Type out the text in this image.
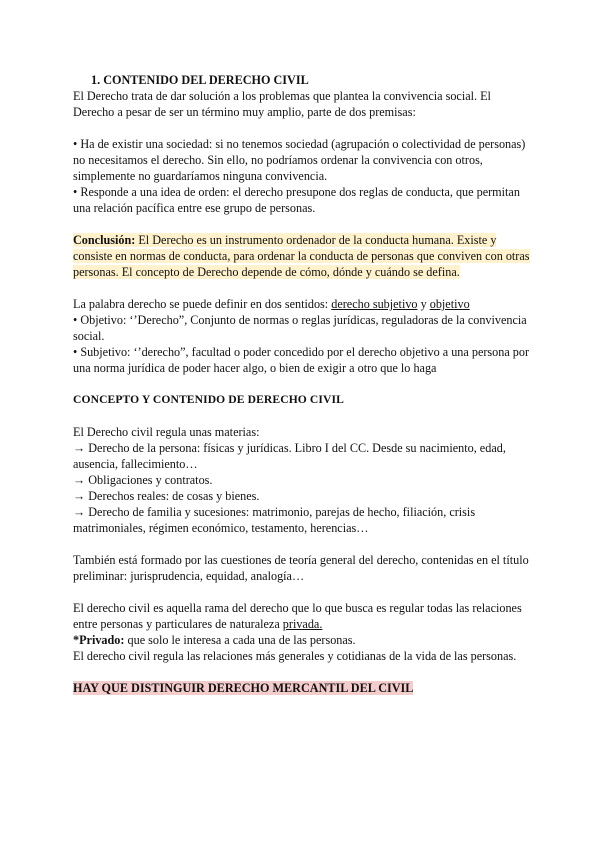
1. CONTENIDO DEL DERECHO CIVIL

El Derecho trata de dar solución a los problemas que plantea la convivencia social. El Derecho a pesar de ser un término muy amplio, parte de dos premisas:

• Ha de existir una sociedad: si no tenemos sociedad (agrupación o colectividad de personas) no necesitamos el derecho. Sin ello, no podríamos ordenar la convivencia con otros, simplemente no guardaríamos ninguna convivencia.

• Responde a una idea de orden: el derecho presupone dos reglas de conducta, que permitan una relación pacífica entre ese grupo de personas.

Conclusión: El Derecho es un instrumento ordenador de la conducta humana. Existe y consiste en normas de conducta, para ordenar la conducta de personas que conviven con otras personas. El concepto de Derecho depende de cómo, dónde y cuándo se defina.

La palabra derecho se puede definir en dos sentidos: derecho subjetivo y objetivo

• Objetivo: ‘’Derecho”, Conjunto de normas o reglas jurídicas, reguladoras de la convivencia social.

• Subjetivo: ‘’derecho”, facultad o poder concedido por el derecho objetivo a una persona por una norma jurídica de poder hacer algo, o bien de exigir a otro que lo haga

CONCEPTO Y CONTENIDO DE DERECHO CIVIL

El Derecho civil regula unas materias:

→ Derecho de la persona: físicas y jurídicas. Libro I del CC. Desde su nacimiento, edad, ausencia, fallecimiento…

→ Obligaciones y contratos.

→ Derechos reales: de cosas y bienes.

→ Derecho de familia y sucesiones: matrimonio, parejas de hecho, filiación, crisis matrimoniales, régimen económico, testamento, herencias…

También está formado por las cuestiones de teoría general del derecho, contenidas en el título preliminar: jurisprudencia, equidad, analogía…

El derecho civil es aquella rama del derecho que lo que busca es regular todas las relaciones entre personas y particulares de naturaleza privada.

*Privado: que solo le interesa a cada una de las personas.

El derecho civil regula las relaciones más generales y cotidianas de la vida de las personas.

HAY QUE DISTINGUIR DERECHO MERCANTIL DEL CIVIL
